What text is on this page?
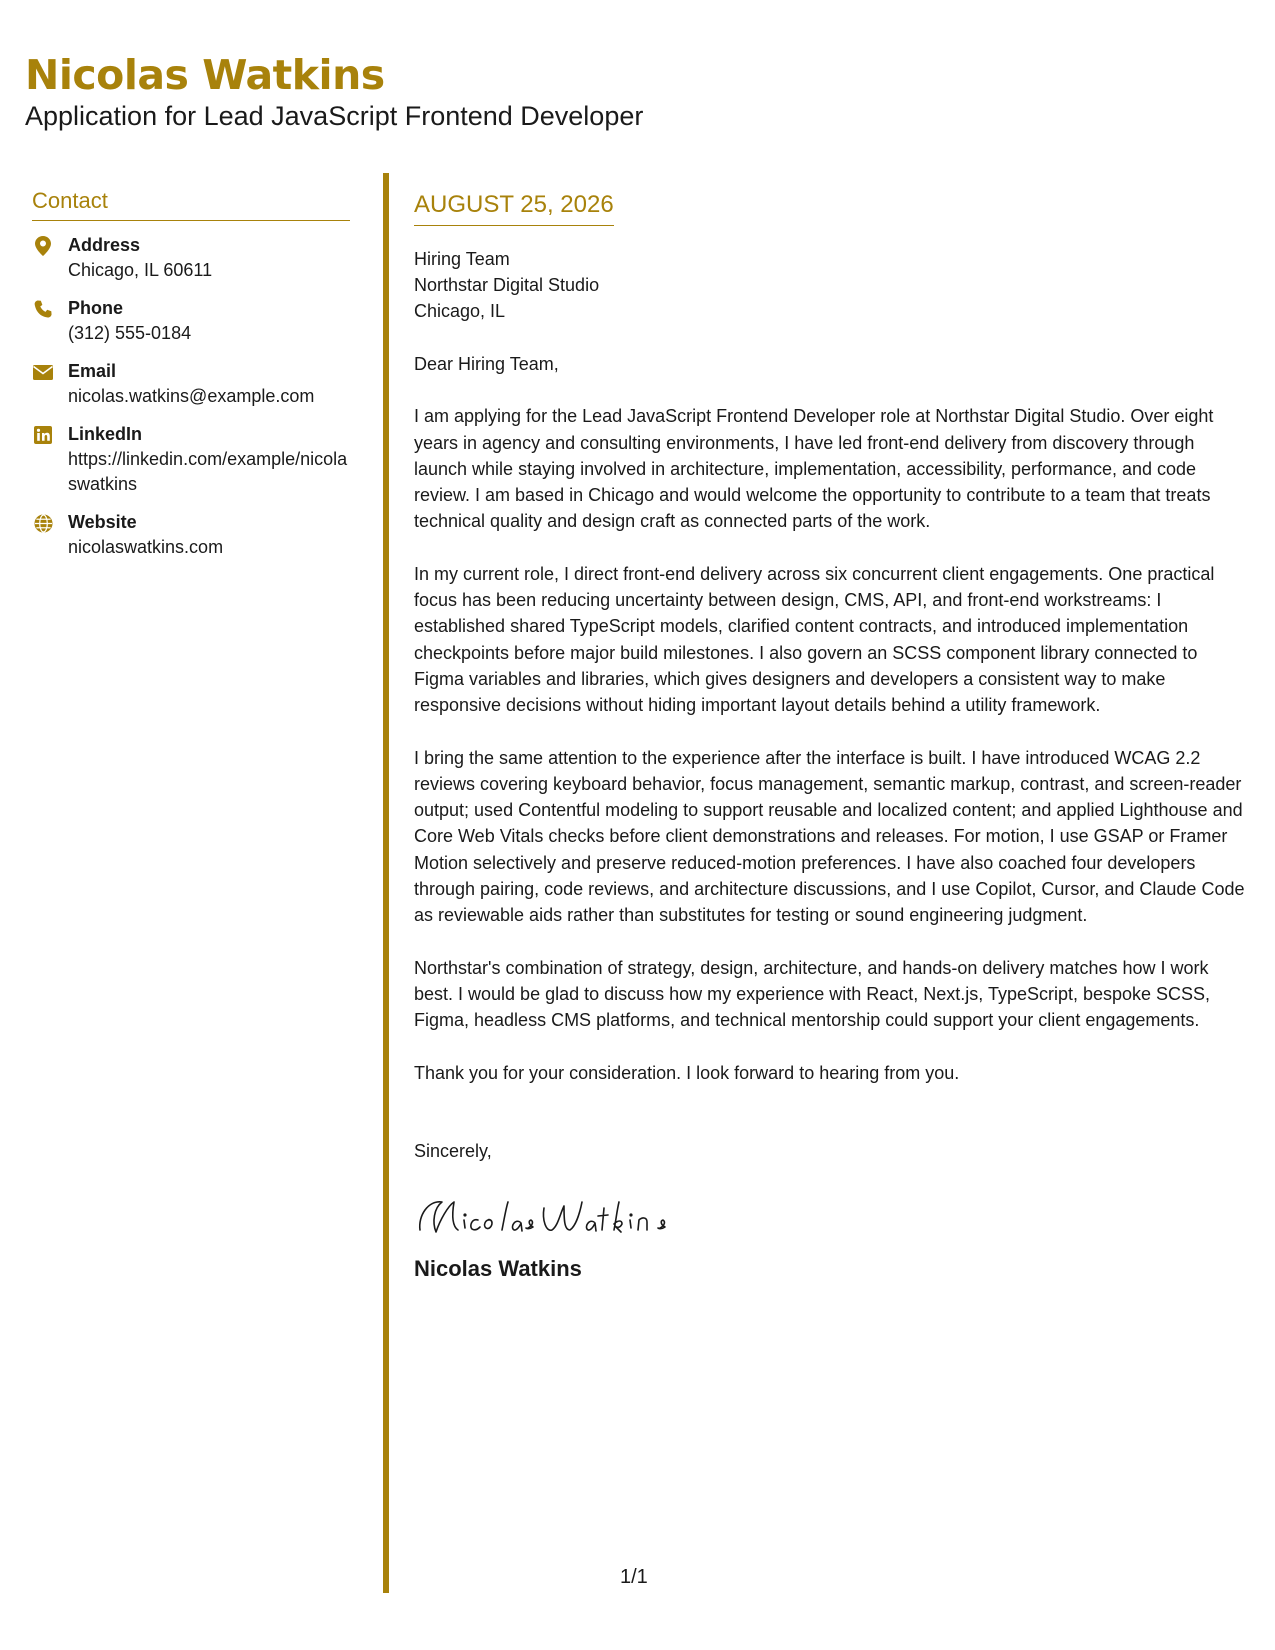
Nicolas Watkins

Application for Lead JavaScript Frontend Developer

Contact
Address
Chicago, IL 60611
Phone
(312) 555-0184
Email
nicolas.watkins@example.com
LinkedIn
https://linkedin.com/example/nicolaswatkins
Website
nicolaswatkins.com
AUGUST 25, 2026
Hiring Team
Northstar Digital Studio
Chicago, IL
Dear Hiring Team,
I am applying for the Lead JavaScript Frontend Developer role at Northstar Digital Studio. Over eight years in agency and consulting environments, I have led front-end delivery from discovery through launch while staying involved in architecture, implementation, accessibility, performance, and code review. I am based in Chicago and would welcome the opportunity to contribute to a team that treats technical quality and design craft as connected parts of the work.
In my current role, I direct front-end delivery across six concurrent client engagements. One practical focus has been reducing uncertainty between design, CMS, API, and front-end workstreams: I established shared TypeScript models, clarified content contracts, and introduced implementation checkpoints before major build milestones. I also govern an SCSS component library connected to Figma variables and libraries, which gives designers and developers a consistent way to make responsive decisions without hiding important layout details behind a utility framework.
I bring the same attention to the experience after the interface is built. I have introduced WCAG 2.2 reviews covering keyboard behavior, focus management, semantic markup, contrast, and screen-reader output; used Contentful modeling to support reusable and localized content; and applied Lighthouse and Core Web Vitals checks before client demonstrations and releases. For motion, I use GSAP or Framer Motion selectively and preserve reduced-motion preferences. I have also coached four developers through pairing, code reviews, and architecture discussions, and I use Copilot, Cursor, and Claude Code as reviewable aids rather than substitutes for testing or sound engineering judgment.
Northstar's combination of strategy, design, architecture, and hands-on delivery matches how I work best. I would be glad to discuss how my experience with React, Next.js, TypeScript, bespoke SCSS, Figma, headless CMS platforms, and technical mentorship could support your client engagements.
Thank you for your consideration. I look forward to hearing from you.
Sincerely,
Nicolas Watkins
1/1
